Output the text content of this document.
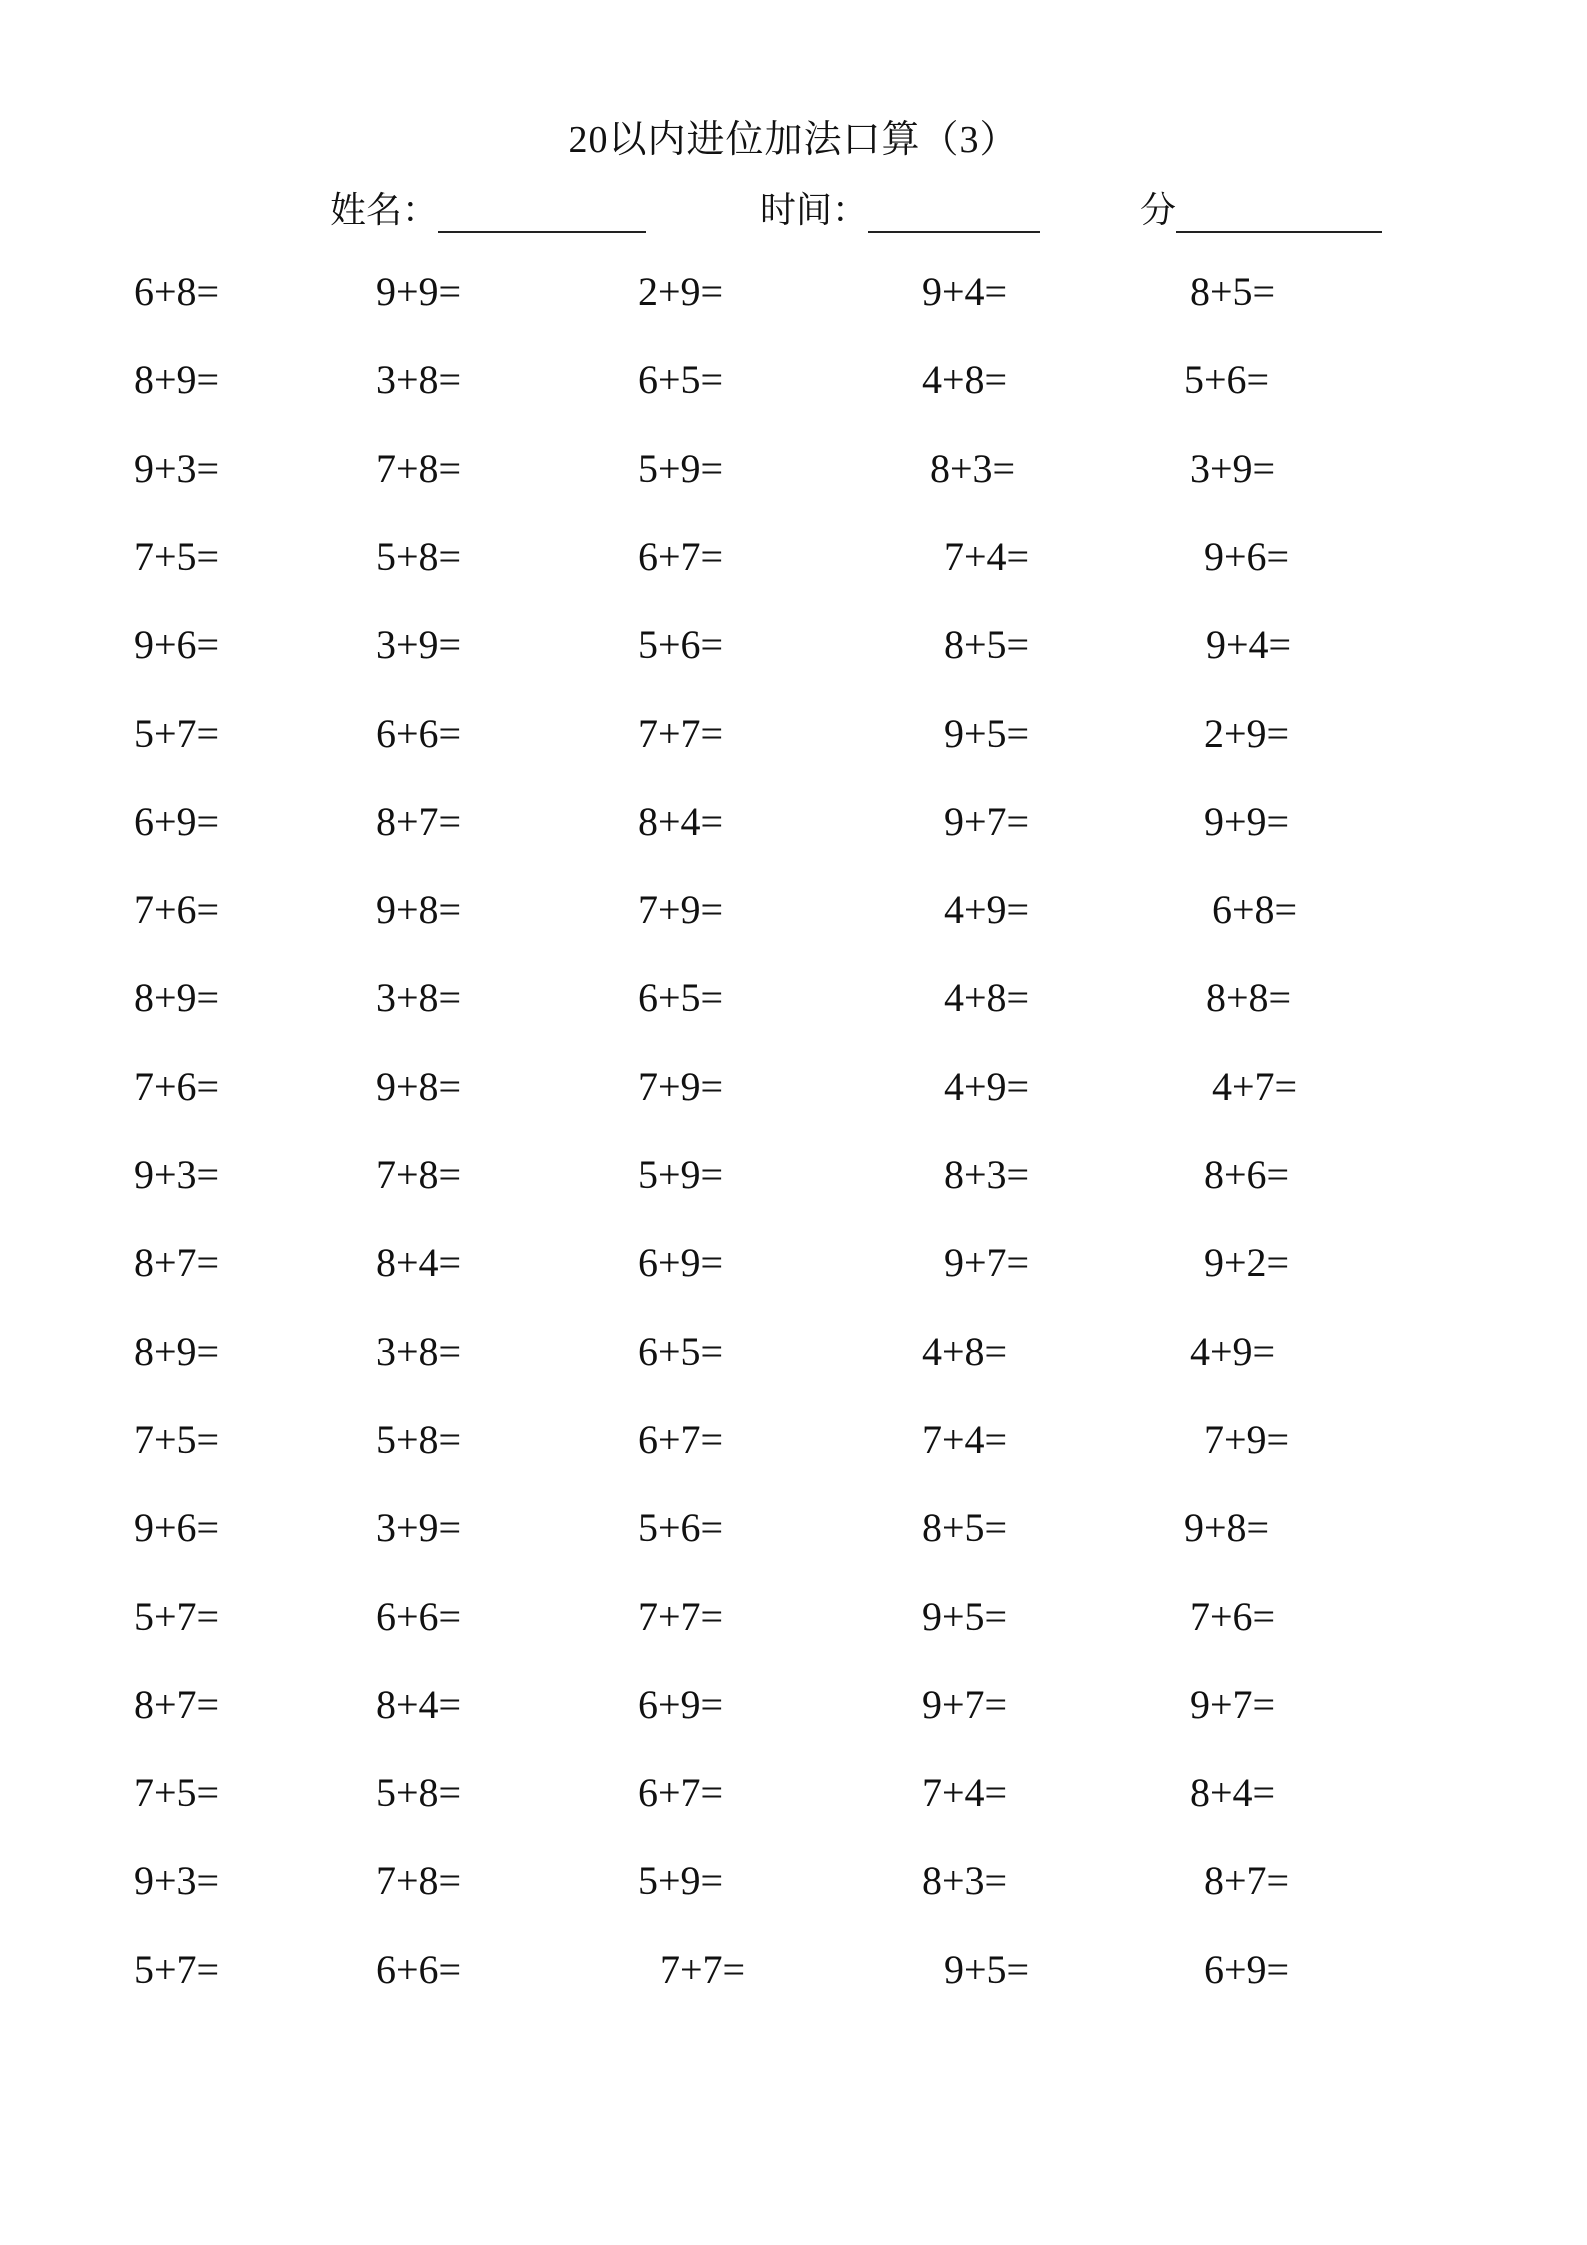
20以内进位加法口算（3）
姓名：	时间：	分
6+8=	9+9=	2+9=	9+4=	8+5=
8+9=	3+8=	6+5=	4+8=	5+6=
9+3=	7+8=	5+9=	8+3=	3+9=
7+5=	5+8=	6+7=	7+4=	9+6=
9+6=	3+9=	5+6=	8+5=	9+4=
5+7=	6+6=	7+7=	9+5=	2+9=
6+9=	8+7=	8+4=	9+7=	9+9=
7+6=	9+8=	7+9=	4+9=	6+8=
8+9=	3+8=	6+5=	4+8=	8+8=
7+6=	9+8=	7+9=	4+9=	4+7=
9+3=	7+8=	5+9=	8+3=	8+6=
8+7=	8+4=	6+9=	9+7=	9+2=
8+9=	3+8=	6+5=	4+8=	4+9=
7+5=	5+8=	6+7=	7+4=	7+9=
9+6=	3+9=	5+6=	8+5=	9+8=
5+7=	6+6=	7+7=	9+5=	7+6=
8+7=	8+4=	6+9=	9+7=	9+7=
7+5=	5+8=	6+7=	7+4=	8+4=
9+3=	7+8=	5+9=	8+3=	8+7=
5+7=	6+6=	7+7=	9+5=	6+9=
